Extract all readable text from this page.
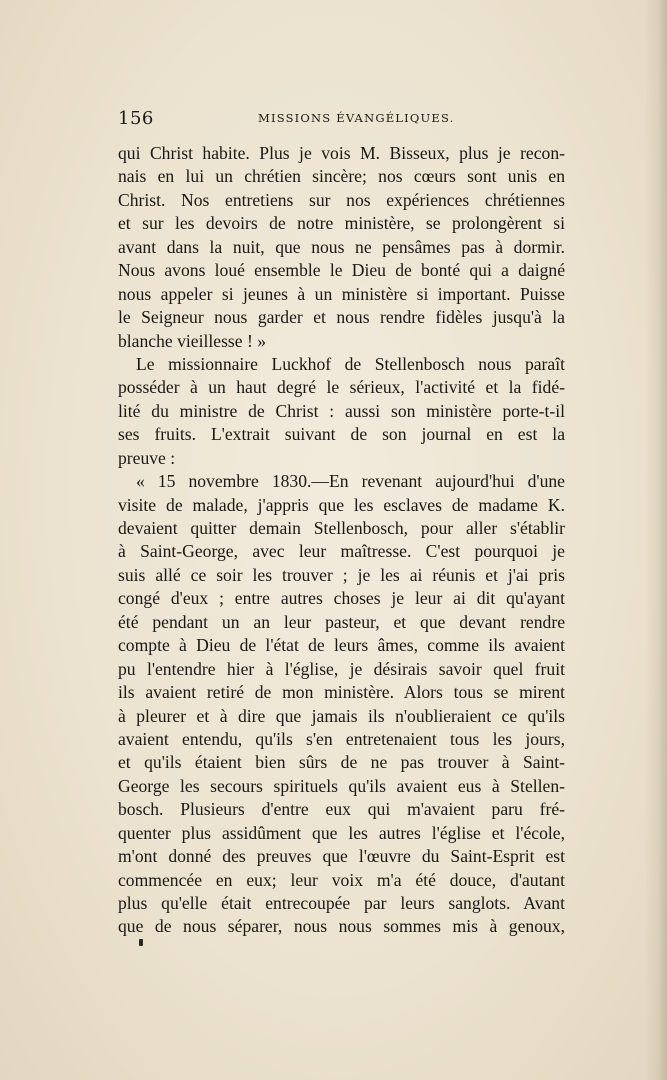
156	MISSIONS ÉVANGÉLIQUES.
qui Christ habite. Plus je vois M. Bisseux, plus je recon-
nais en lui un chrétien sincère; nos cœurs sont unis en
Christ. Nos entretiens sur nos expériences chrétiennes
et sur les devoirs de notre ministère, se prolongèrent si
avant dans la nuit, que nous ne pensâmes pas à dormir.
Nous avons loué ensemble le Dieu de bonté qui a daigné
nous appeler si jeunes à un ministère si important. Puisse
le Seigneur nous garder et nous rendre fidèles jusqu'à la
blanche vieillesse ! »
Le missionnaire Luckhof de Stellenbosch nous paraît
posséder à un haut degré le sérieux, l'activité et la fidé-
lité du ministre de Christ : aussi son ministère porte-t-il
ses fruits. L'extrait suivant de son journal en est la
preuve :
« 15 novembre 1830.—En revenant aujourd'hui d'une
visite de malade, j'appris que les esclaves de madame K.
devaient quitter demain Stellenbosch, pour aller s'établir
à Saint-George, avec leur maîtresse. C'est pourquoi je
suis allé ce soir les trouver ; je les ai réunis et j'ai pris
congé d'eux ; entre autres choses je leur ai dit qu'ayant
été pendant un an leur pasteur, et que devant rendre
compte à Dieu de l'état de leurs âmes, comme ils avaient
pu l'entendre hier à l'église, je désirais savoir quel fruit
ils avaient retiré de mon ministère. Alors tous se mirent
à pleurer et à dire que jamais ils n'oublieraient ce qu'ils
avaient entendu, qu'ils s'en entretenaient tous les jours,
et qu'ils étaient bien sûrs de ne pas trouver à Saint-
George les secours spirituels qu'ils avaient eus à Stellen-
bosch. Plusieurs d'entre eux qui m'avaient paru fré-
quenter plus assidûment que les autres l'église et l'école,
m'ont donné des preuves que l'œuvre du Saint-Esprit est
commencée en eux; leur voix m'a été douce, d'autant
plus qu'elle était entrecoupée par leurs sanglots. Avant
que de nous séparer, nous nous sommes mis à genoux,
